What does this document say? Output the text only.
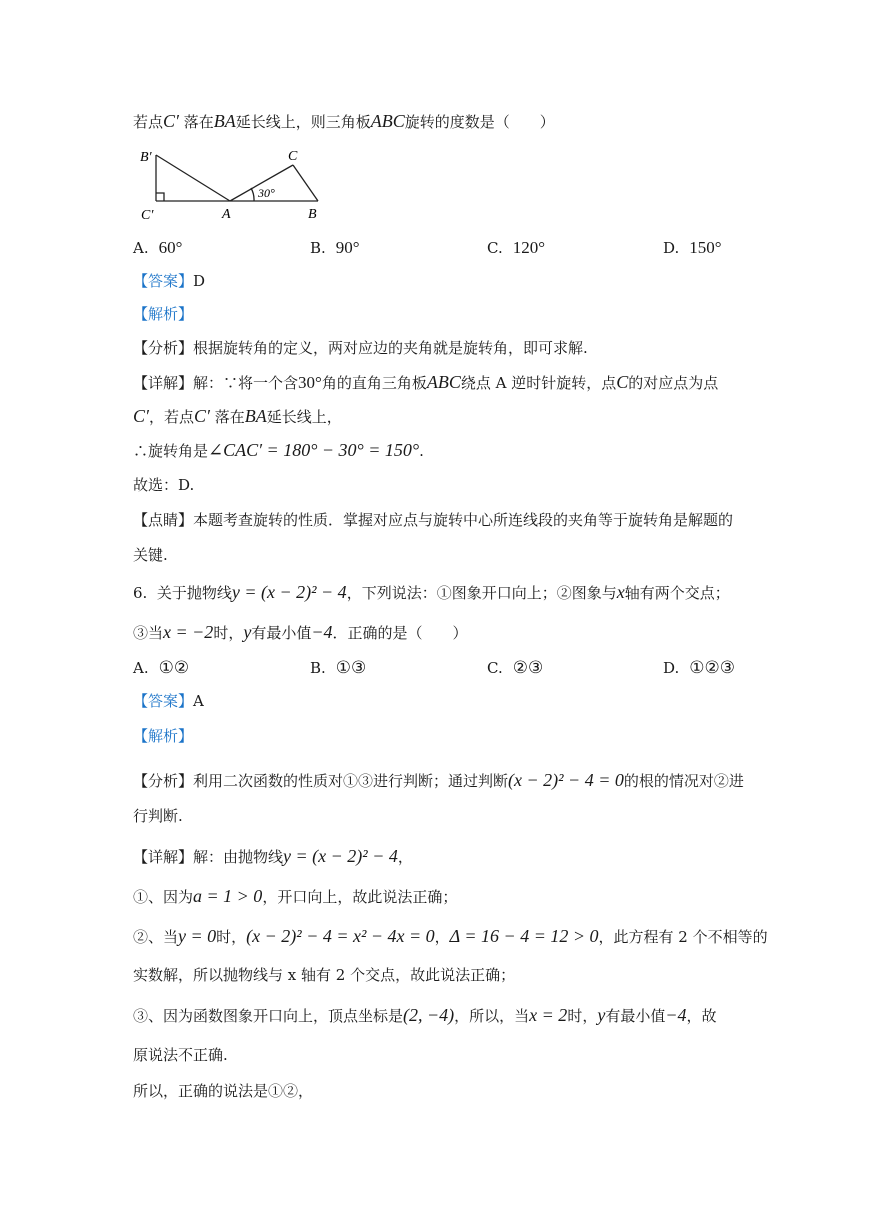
若点C′ 落在BA延长线上，则三角板ABC旋转的度数是（　　）
B′
C′	A	B
C
30°
A. 60°	B. 90°	C. 120°	D. 150°
【答案】D
【解析】
【分析】根据旋转角的定义，两对应边的夹角就是旋转角，即可求解.
【详解】解：∵将一个含30°角的直角三角板ABC绕点 A 逆时针旋转，点C的对应点为点
C′，若点C′ 落在BA延长线上，
∴旋转角是∠CAC′ = 180° − 30° = 150°.
故选：D.
【点睛】本题考查旋转的性质．掌握对应点与旋转中心所连线段的夹角等于旋转角是解题的
关键.
6. 关于抛物线y = (x − 2)² − 4，下列说法：①图象开口向上；②图象与x轴有两个交点；
③当x = −2时，y有最小值−4．正确的是（　　）
A. ①②	B. ①③	C. ②③	D. ①②③
【答案】A
【解析】
【分析】利用二次函数的性质对①③进行判断；通过判断(x − 2)² − 4 = 0的根的情况对②进
行判断.
【详解】解：由抛物线y = (x − 2)² − 4，
①、因为a = 1 > 0，开口向上，故此说法正确；
②、当y = 0时，(x − 2)² − 4 = x² − 4x = 0，Δ = 16 − 4 = 12 > 0，此方程有 2 个不相等的
实数解，所以抛物线与 x 轴有 2 个交点，故此说法正确；
③、因为函数图象开口向上，顶点坐标是(2, −4)，所以，当x = 2时，y有最小值−4，故
原说法不正确.
所以，正确的说法是①②，
